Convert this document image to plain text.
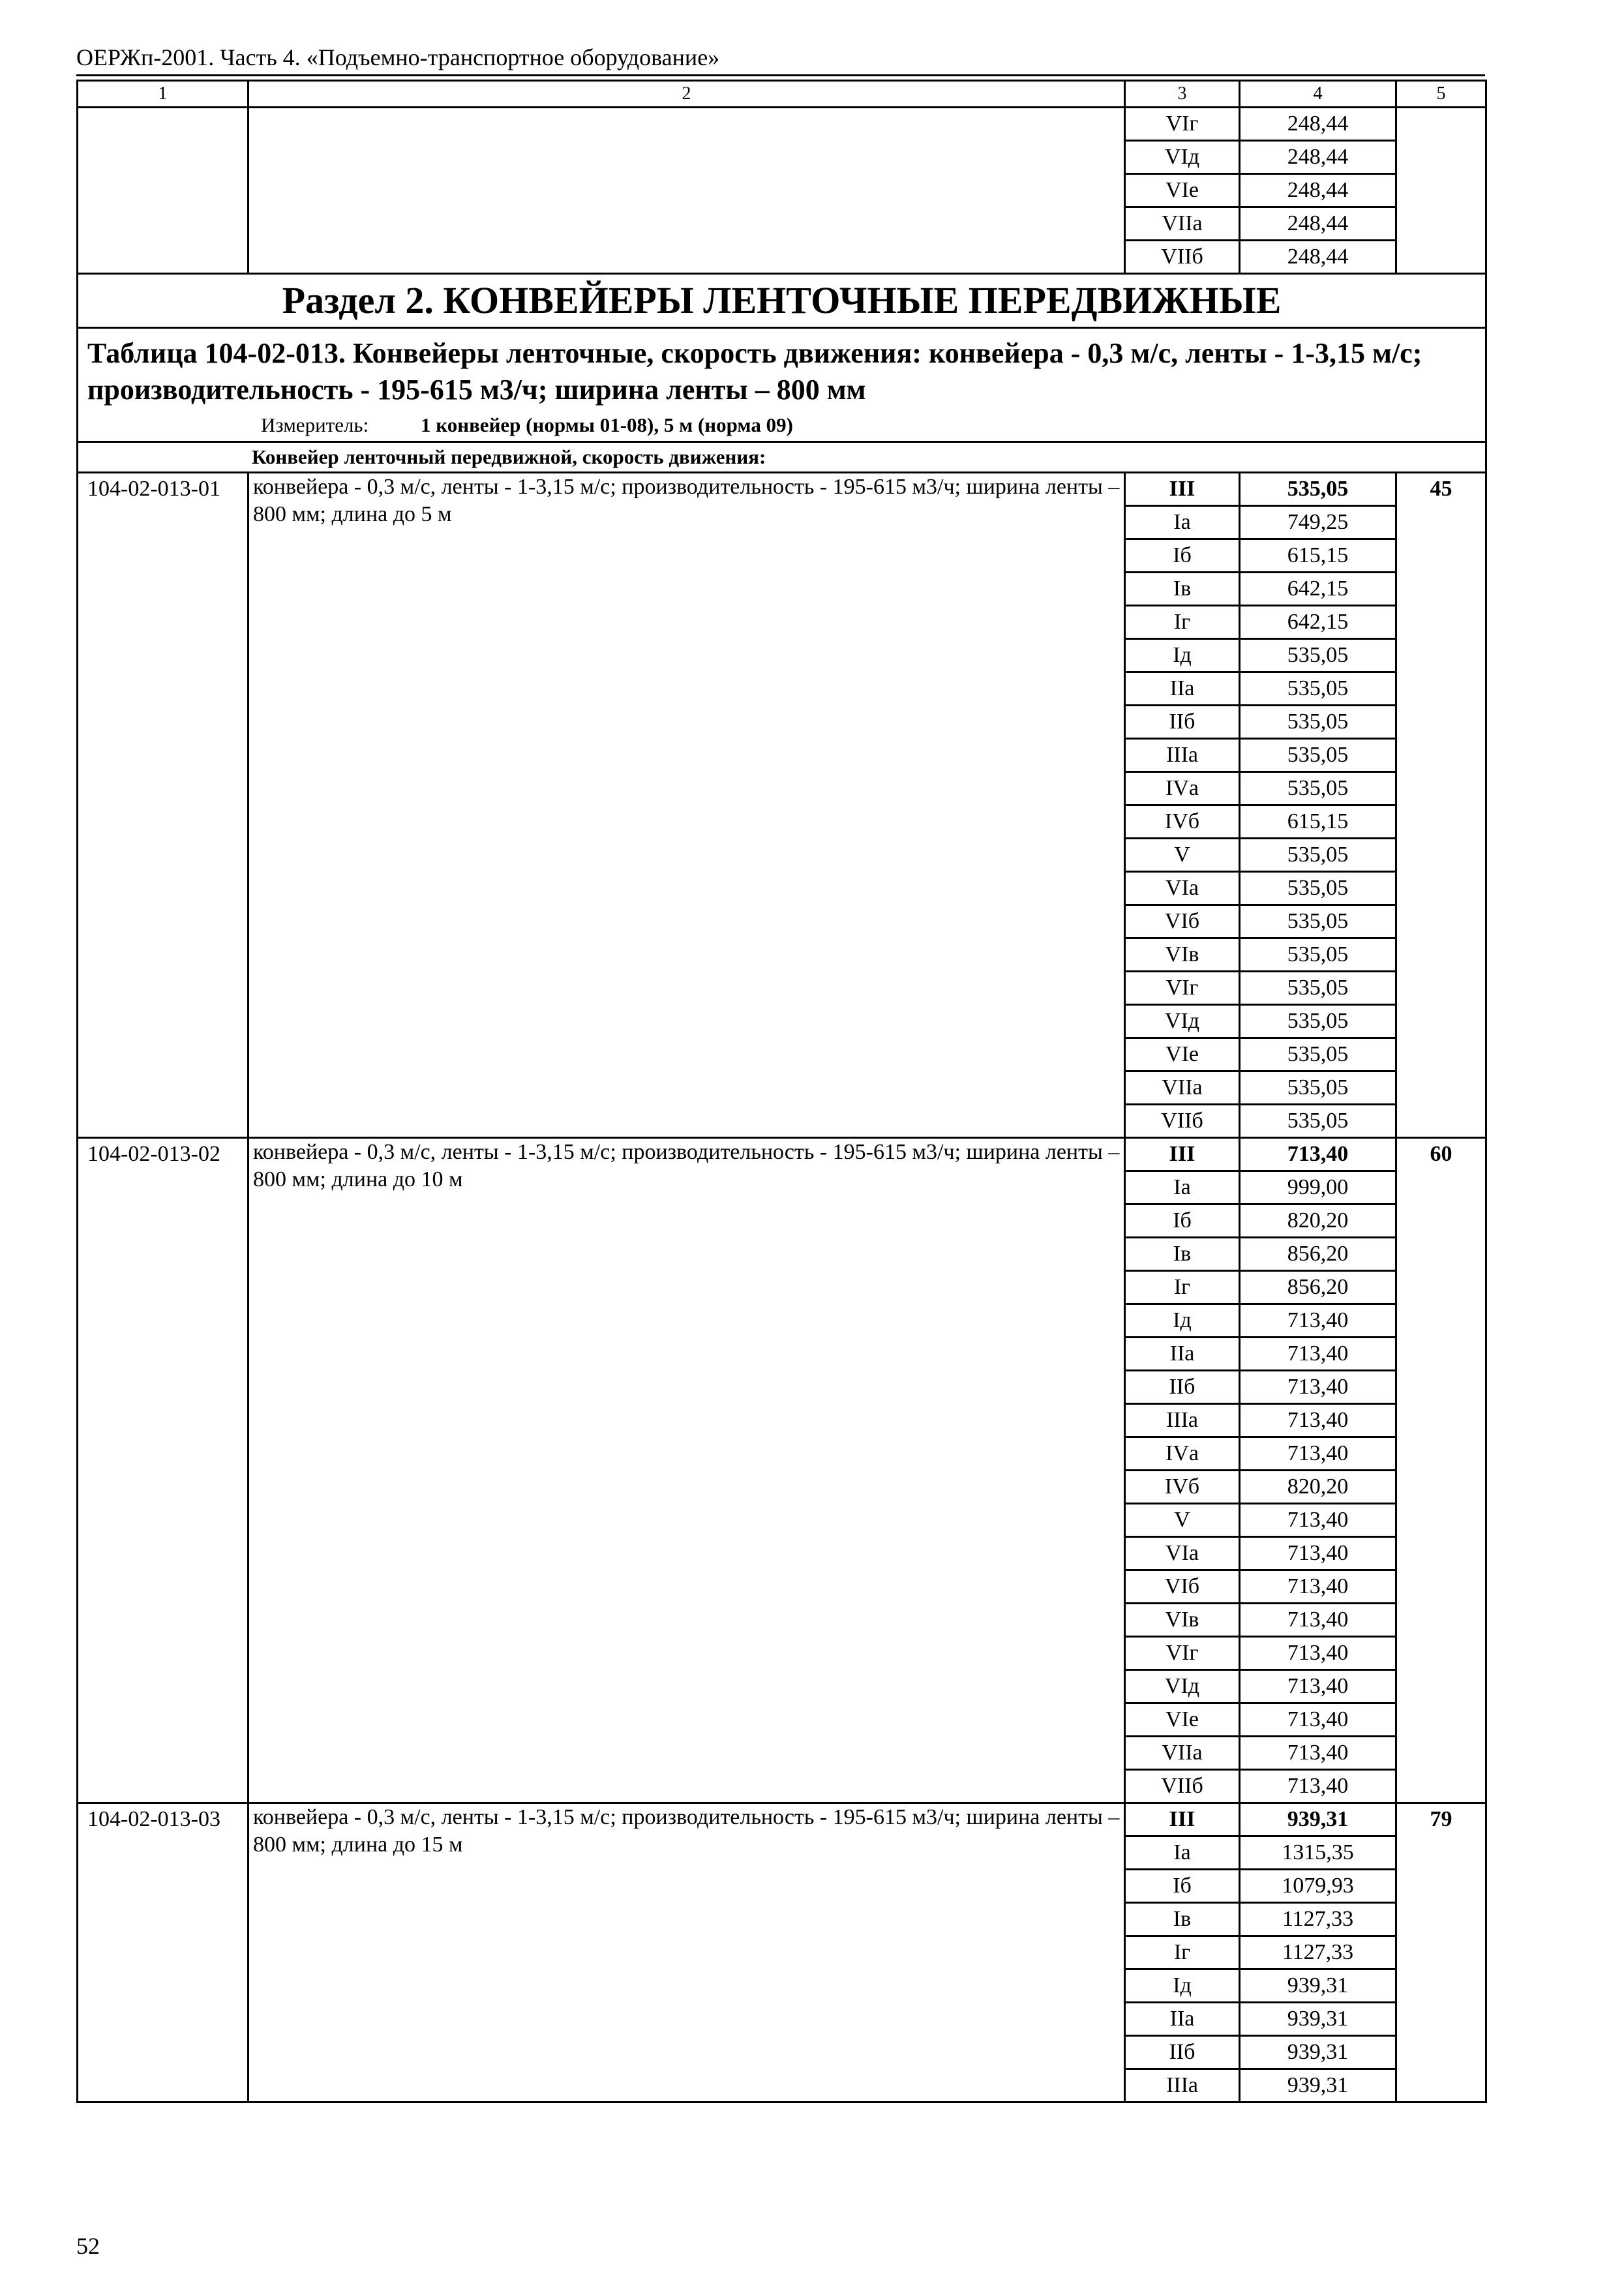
ОЕРЖп-2001. Часть 4. «Подъемно-транспортное оборудование»
1	2	3	4	5
		VIг	248,44	
		VIд	248,44	
		VIе	248,44	
		VIIа	248,44	
		VIIб	248,44	
Раздел 2. КОНВЕЙЕРЫ ЛЕНТОЧНЫЕ ПЕРЕДВИЖНЫЕ				

Таблица 104-02-013. Конвейеры ленточные, скорость движения: конвейера - 0,3 м/с, ленты - 1-3,15 м/с; производительность - 195-615 м3/ч; ширина ленты – 800 мм
Измеритель: 1 конвейер (нормы 01-08), 5 м (норма 09)				

Конвейер ленточный передвижной, скорость движения:				
104-02-013-01	конвейера - 0,3 м/с, ленты - 1-3,15 м/с; производительность - 195-615 м3/ч; ширина ленты – 800 мм; длина до 5 м	III	535,05	45
		Iа	749,25	
		Iб	615,15	
		Iв	642,15	
		Iг	642,15	
		Iд	535,05	
		IIа	535,05	
		IIб	535,05	
		IIIа	535,05	
		IVа	535,05	
		IVб	615,15	
		V	535,05	
		VIа	535,05	
		VIб	535,05	
		VIв	535,05	
		VIг	535,05	
		VIд	535,05	
		VIе	535,05	
		VIIа	535,05	
		VIIб	535,05	
104-02-013-02	конвейера - 0,3 м/с, ленты - 1-3,15 м/с; производительность - 195-615 м3/ч; ширина ленты – 800 мм; длина до 10 м	III	713,40	60
		Iа	999,00	
		Iб	820,20	
		Iв	856,20	
		Iг	856,20	
		Iд	713,40	
		IIа	713,40	
		IIб	713,40	
		IIIа	713,40	
		IVа	713,40	
		IVб	820,20	
		V	713,40	
		VIа	713,40	
		VIб	713,40	
		VIв	713,40	
		VIг	713,40	
		VIд	713,40	
		VIе	713,40	
		VIIа	713,40	
		VIIб	713,40	
104-02-013-03	конвейера - 0,3 м/с, ленты - 1-3,15 м/с; производительность - 195-615 м3/ч; ширина ленты – 800 мм; длина до 15 м	III	939,31	79
		Iа	1315,35	
		Iб	1079,93	
		Iв	1127,33	
		Iг	1127,33	
		Iд	939,31	
		IIа	939,31	
		IIб	939,31	
		IIIа	939,31	
52
